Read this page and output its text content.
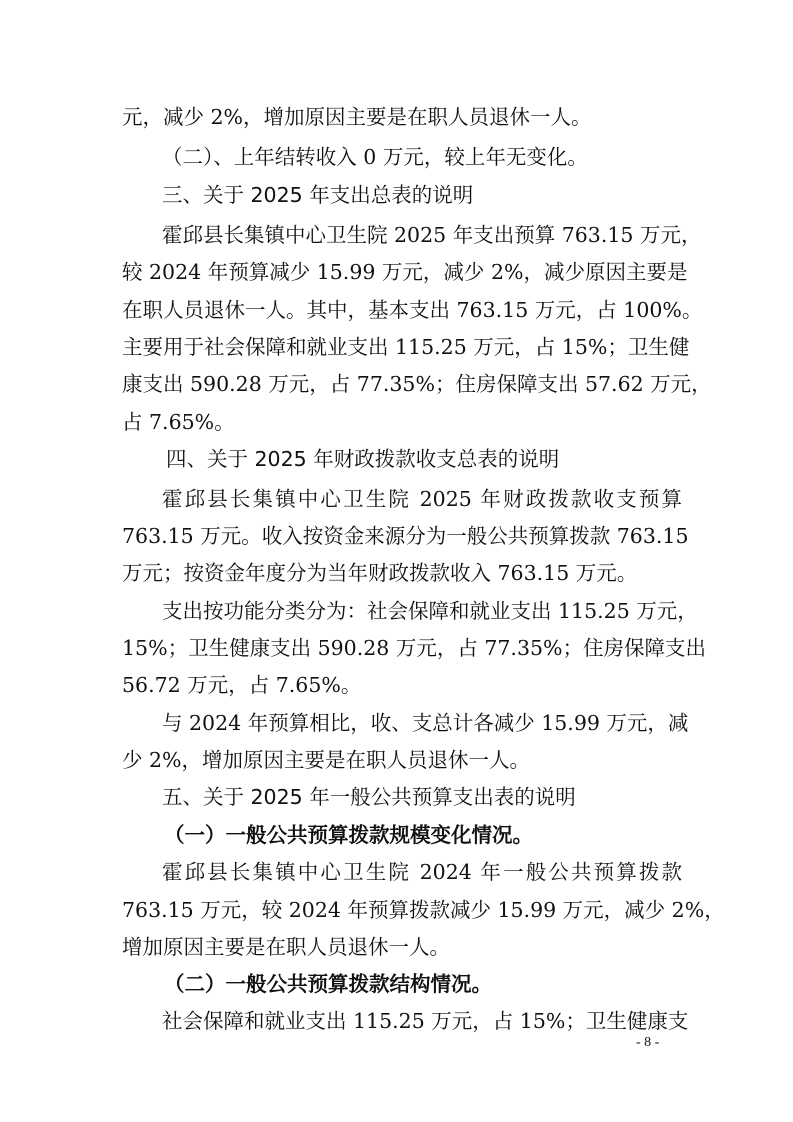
元，减少 2%，增加原因主要是在职人员退休一人。
（二）、上年结转收入 0 万元，较上年无变化。
三、关于 2025 年支出总表的说明
霍邱县长集镇中心卫生院 2025 年支出预算 763.15 万元，
较 2024 年预算减少 15.99 万元，减少 2%，减少原因主要是
在职人员退休一人。其中，基本支出 763.15 万元，占 100%。
主要用于社会保障和就业支出 115.25 万元，占 15%；卫生健
康支出 590.28 万元，占 77.35%；住房保障支出 57.62 万元，
占 7.65%。
四、关于 2025 年财政拨款收支总表的说明
霍邱县长集镇中心卫生院 2025 年财政拨款收支预算
763.15 万元。收入按资金来源分为一般公共预算拨款 763.15
万元；按资金年度分为当年财政拨款收入 763.15 万元。
支出按功能分类分为：社会保障和就业支出 115.25 万元，
15%；卫生健康支出 590.28 万元，占 77.35%；住房保障支出
56.72 万元，占 7.65%。
与 2024 年预算相比，收、支总计各减少 15.99 万元，减
少 2%，增加原因主要是在职人员退休一人。
五、关于 2025 年一般公共预算支出表的说明
（一）一般公共预算拨款规模变化情况。
霍邱县长集镇中心卫生院 2024 年一般公共预算拨款
763.15 万元，较 2024 年预算拨款减少 15.99 万元，减少 2%，
增加原因主要是在职人员退休一人。
（二）一般公共预算拨款结构情况。
社会保障和就业支出 115.25 万元，占 15%；卫生健康支
- 8 -
